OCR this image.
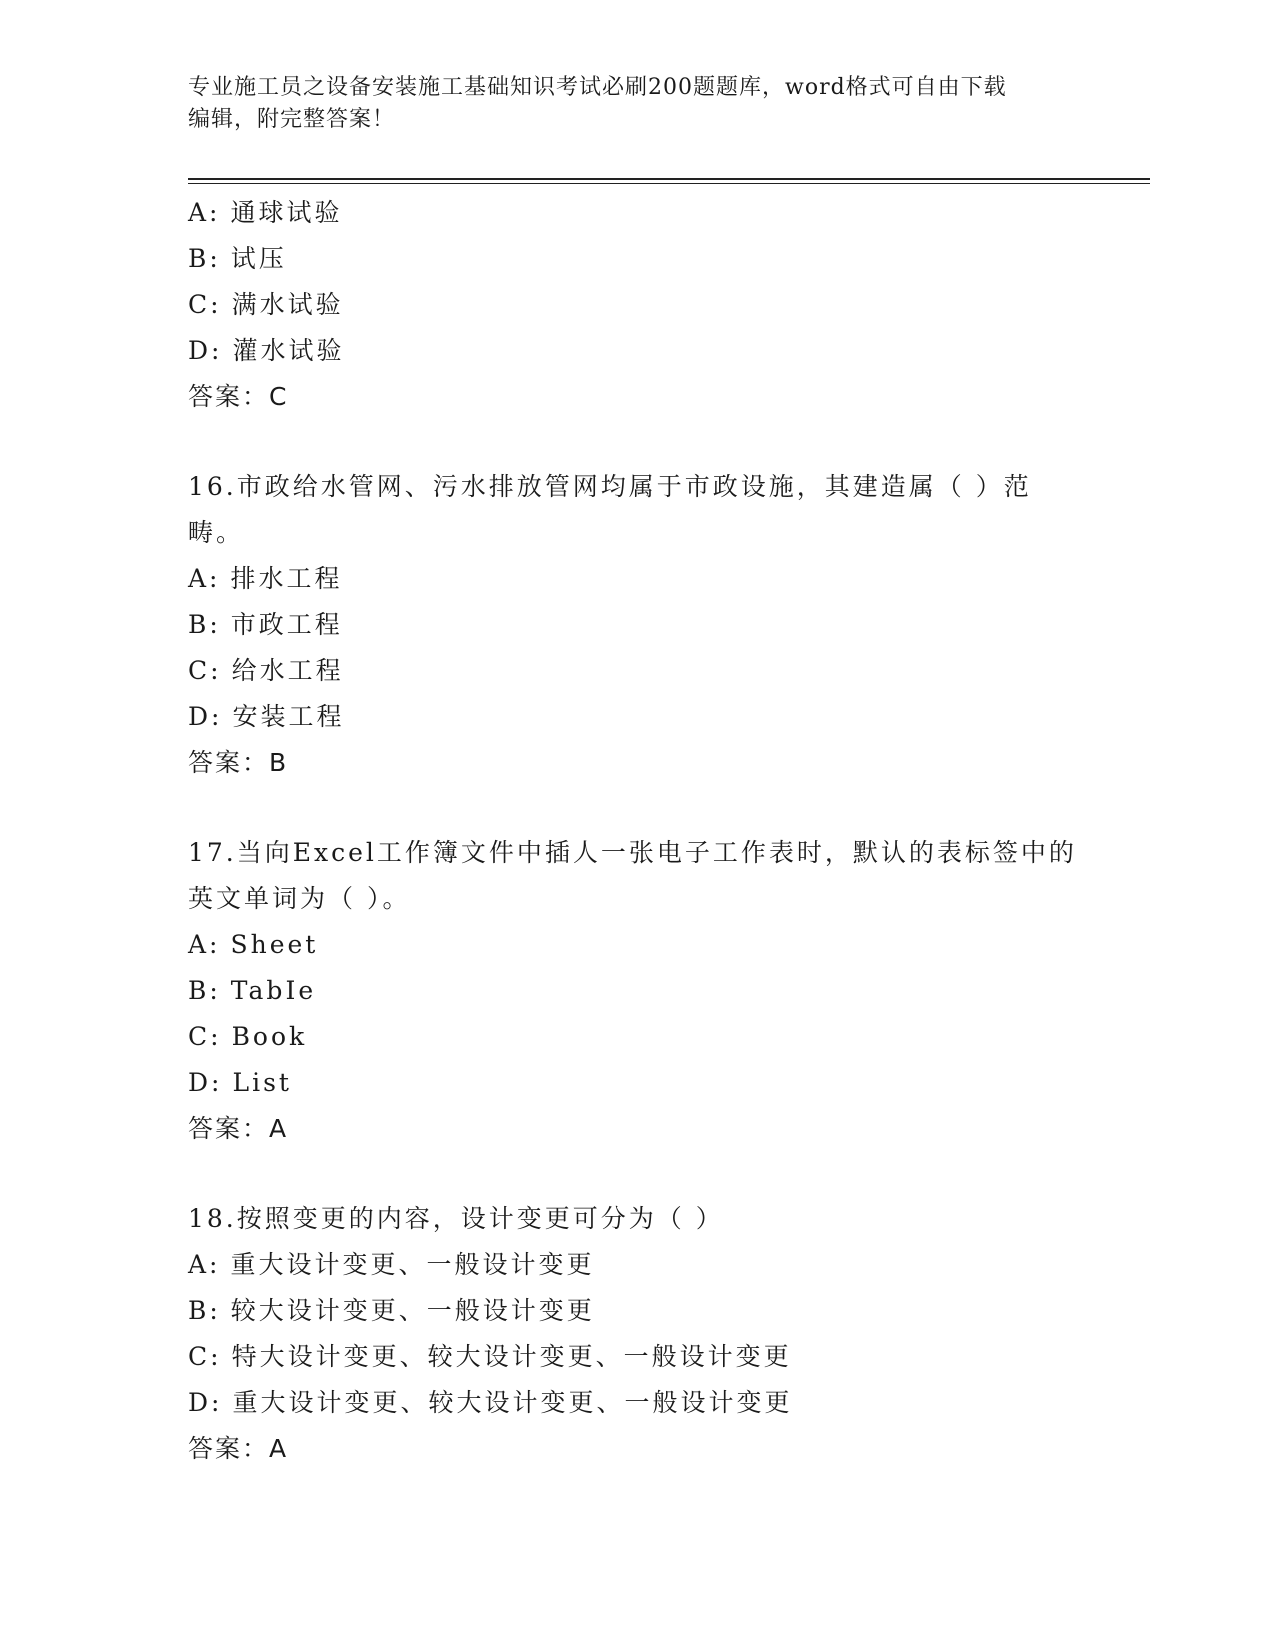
专业施工员之设备安装施工基础知识考试必刷200题题库，word格式可自由下载
编辑，附完整答案！
A: 通球试验
B: 试压
C: 满水试验
D: 灌水试验
答案：C
16.市政给水管网、污水排放管网均属于市政设施，其建造属（ ）范畴。
A: 排水工程
B: 市政工程
C: 给水工程
D: 安装工程
答案：B
17.当向Excel工作簿文件中插人一张电子工作表时，默认的表标签中的英文单词为（ ）。
A: Sheet
B: TabIe
C: Book
D: List
答案：A
18.按照变更的内容，设计变更可分为（ ）
A: 重大设计变更、一般设计变更
B: 较大设计变更、一般设计变更
C: 特大设计变更、较大设计变更、一般设计变更
D: 重大设计变更、较大设计变更、一般设计变更
答案：A
